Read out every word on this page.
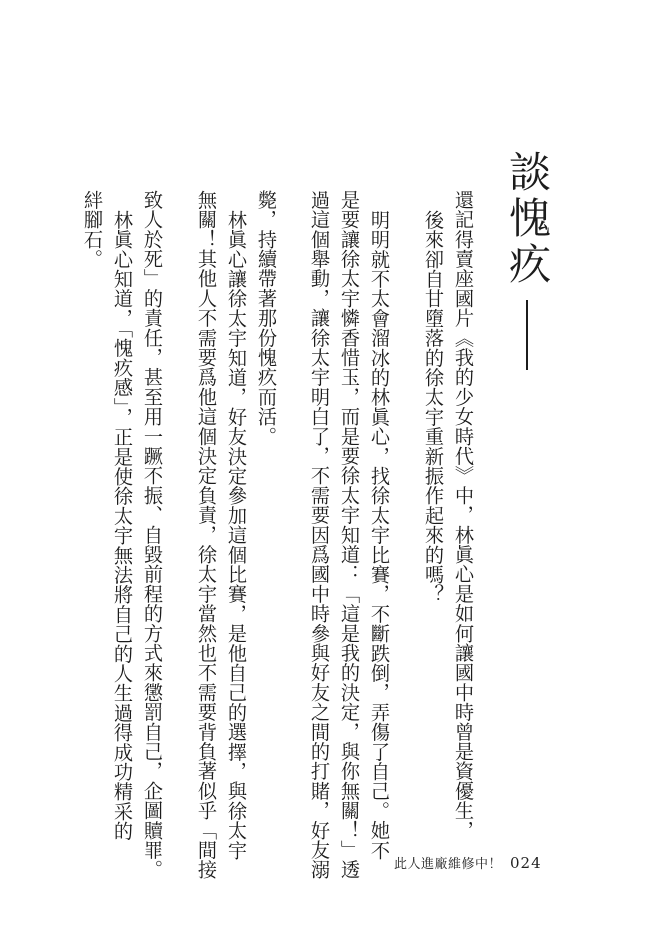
談愧疚
還記得賣座國片《我的少女時代》中，林眞心是如何讓國中時曾是資優生，
後來卻自甘墮落的徐太宇重新振作起來的嗎？
明明就不太會溜冰的林眞心，找徐太宇比賽，不斷跌倒，弄傷了自己。她不
是要讓徐太宇憐香惜玉，而是要徐太宇知道：「這是我的決定，與你無關！」透
過這個舉動，讓徐太宇明白了，不需要因爲國中時參與好友之間的打賭，好友溺
斃，持續帶著那份愧疚而活。
林眞心讓徐太宇知道，好友決定參加這個比賽，是他自己的選擇，與徐太宇
無關！其他人不需要爲他這個決定負責，徐太宇當然也不需要背負著似乎「間接
致人於死」的責任，甚至用一蹶不振、自毀前程的方式來懲罰自己，企圖贖罪。
林眞心知道，「愧疚感」，正是使徐太宇無法將自己的人生過得成功精采的
絆腳石。
此人進廠維修中！ 024
